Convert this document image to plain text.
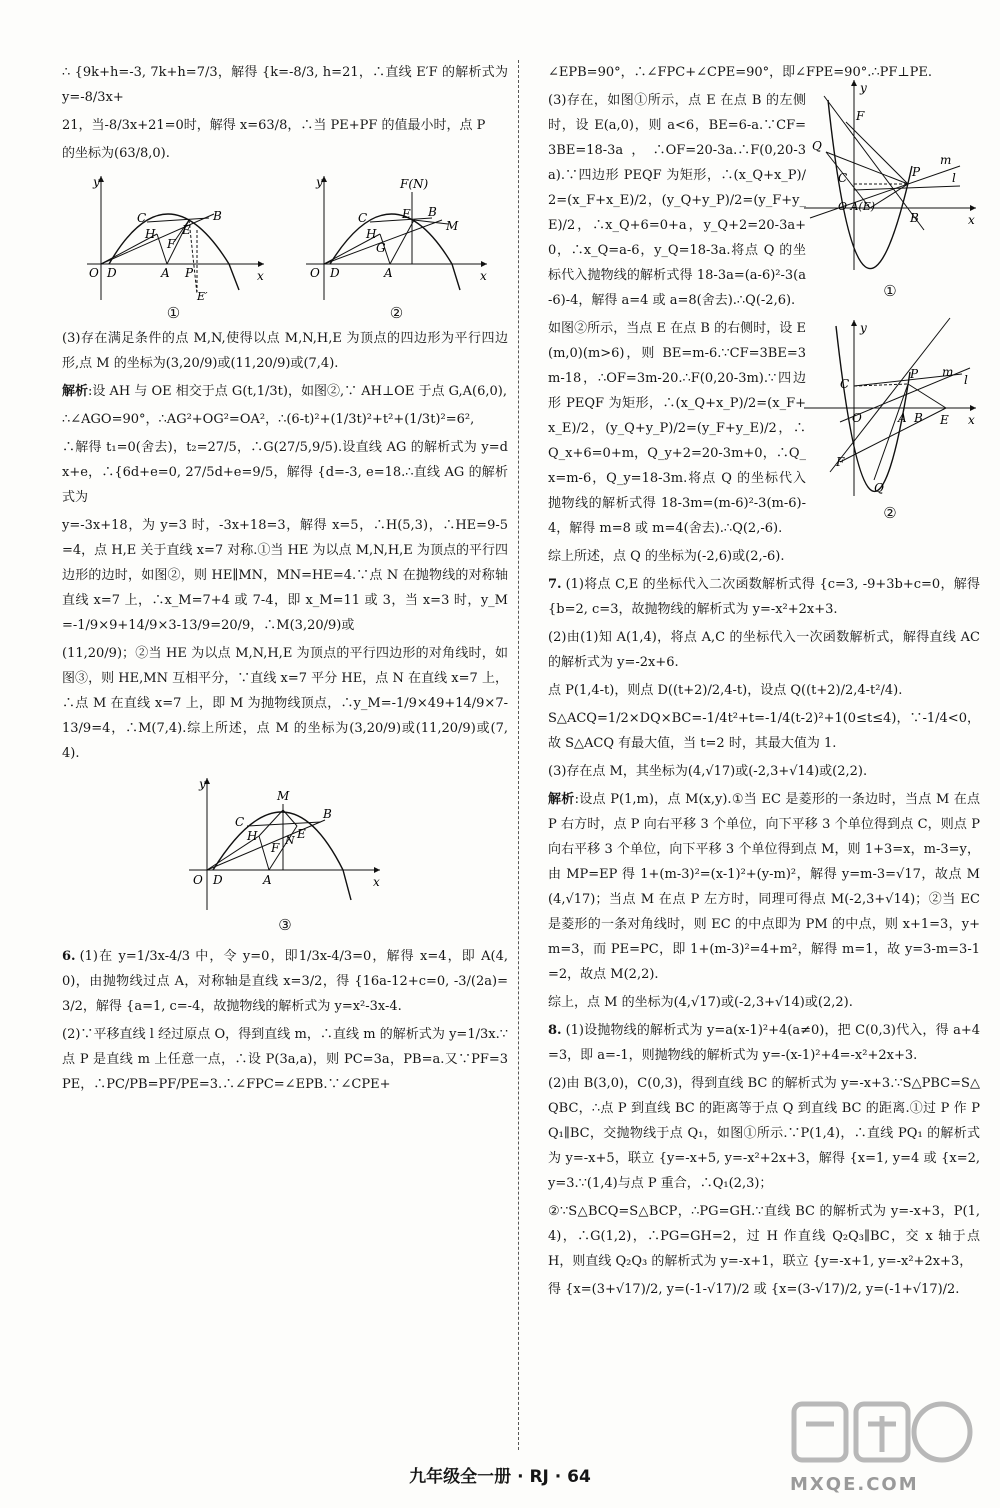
∴ {9k+h=-3, 7k+h=7/3，解得 {k=-8/3, h=21，∴直线 E′F 的解析式为 y=-8/3x+

21，当-8/3x+21=0时，解得 x=63/8，∴当 PE+PF 的值最小时，点 P

的坐标为(63/8,0).

y
x
O D	A P
E′
C
H
F
E
B
①
y
x
O D	A
C
H
G
E B
M
F(N)
②

(3)存在满足条件的点 M,N,使得以点 M,N,H,E 为顶点的四边形为平行四边形,点 M 的坐标为(3,20/9)或(11,20/9)或(7,4).

解析:设 AH 与 OE 相交于点 G(t,1/3t)，如图②,∵ AH⊥OE 于点 G,A(6,0),

∴∠AGO=90°，∴AG²+OG²=OA²，∴(6-t)²+(1/3t)²+t²+(1/3t)²=6²,

∴解得 t₁=0(舍去)，t₂=27/5，∴G(27/5,9/5).设直线 AG 的解析式为 y=dx+e，∴{6d+e=0, 27/5d+e=9/5，解得 {d=-3, e=18.∴直线 AG 的解析式为

y=-3x+18，为 y=3 时，-3x+18=3，解得 x=5，∴H(5,3)，∴HE=9-5=4，点 H,E 关于直线 x=7 对称.①当 HE 为以点 M,N,H,E 为顶点的平行四边形的边时，如图②，则 HE∥MN，MN=HE=4.∵点 N 在抛物线的对称轴直线 x=7 上，∴x_M=7+4 或 7-4，即 x_M=11 或 3，当 x=3 时，y_M=-1/9×9+14/9×3-13/9=20/9，∴M(3,20/9)或

(11,20/9)；②当 HE 为以点 M,N,H,E 为顶点的平行四边形的对角线时，如图③，则 HE,MN 互相平分，∵直线 x=7 平分 HE，点 N 在直线 x=7 上，∴点 M 在直线 x=7 上，即 M 为抛物线顶点，∴y_M=-1/9×49+14/9×7-13/9=4，∴M(7,4).综上所述，点 M 的坐标为(3,20/9)或(11,20/9)或(7,4).

y
x
O D	A
C
H
M
F
E
B
N
③

6. (1)在 y=1/3x-4/3 中，令 y=0，即1/3x-4/3=0，解得 x=4，即 A(4,0)，由抛物线过点 A，对称轴是直线 x=3/2，得 {16a-12+c=0, -3/(2a)=3/2，解得 {a=1, c=-4，故抛物线的解析式为 y=x²-3x-4.

(2)∵平移直线 l 经过原点 O，得到直线 m，∴直线 m 的解析式为 y=1/3x.∵点 P 是直线 m 上任意一点，∴设 P(3a,a)，则 PC=3a，PB=a.又∵PF=3PE，∴PC/PB=PF/PE=3.∴∠FPC=∠EPB.∵∠CPE+

∠EPB=90°，∴∠FPC+∠CPE=90°，即∠FPE=90°.∴PF⊥PE.

(3)存在，如图①所示，点 E 在点 B 的左侧时，设 E(a,0)，则 a<6，BE=6-a.∵CF=3BE=18-3a，∴OF=20-3a.∴F(0,20-3a).∵四边形 PEQF 为矩形，∴(x_Q+x_P)/2=(x_F+x_E)/2，(y_Q+y_P)/2=(y_F+y_E)/2，∴x_Q+6=0+a，y_Q+2=20-3a+0，∴x_Q=a-6，y_Q=18-3a.将点 Q 的坐标代入抛物线的解析式得 18-3a=(a-6)²-3(a-6)-4，解得 a=4 或 a=8(舍去).∴Q(-2,6).

如图②所示，当点 E 在点 B 的右侧时，设 E(m,0)(m>6)，则 BE=m-6.∵CF=3BE=3m-18，∴OF=3m-20.∴F(0,20-3m).∵四边形 PEQF 为矩形，∴(x_Q+x_P)/2=(x_F+x_E)/2，(y_Q+y_P)/2=(y_F+y_E)/2，∴Q_x+6=0+m，Q_y+2=20-3m+0，∴Q_x=m-6，Q_y=18-3m.将点 Q 的坐标代入抛物线的解析式得 18-3m=(m-6)²-3(m-6)-4，解得 m=8 或 m=4(舍去).∴Q(2,-6).

综上所述，点 Q 的坐标为(-2,6)或(2,-6).

7. (1)将点 C,E 的坐标代入二次函数解析式得 {c=3, -9+3b+c=0，解得 {b=2, c=3，故抛物线的解析式为 y=-x²+2x+3.

(2)由(1)知 A(1,4)，将点 A,C 的坐标代入一次函数解析式，解得直线 AC 的解析式为 y=-2x+6.

点 P(1,4-t)，则点 D((t+2)/2,4-t)，设点 Q((t+2)/2,4-t²/4).

S△ACQ=1/2×DQ×BC=-1/4t²+t=-1/4(t-2)²+1(0≤t≤4)，∵-1/4<0，故 S△ACQ 有最大值，当 t=2 时，其最大值为 1.

(3)存在点 M，其坐标为(4,√17)或(-2,3+√14)或(2,2).

解析:设点 P(1,m)，点 M(x,y).①当 EC 是菱形的一条边时，当点 M 在点 P 右方时，点 P 向右平移 3 个单位，向下平移 3 个单位得到点 C，则点 P 向右平移 3 个单位，向下平移 3 个单位得到点 M，则 1+3=x，m-3=y，由 MP=EP 得 1+(m-3)²=(x-1)²+(y-m)²，解得 y=m-3=√17，故点 M(4,√17)；当点 M 在点 P 左方时，同理可得点 M(-2,3+√14)；②当 EC 是菱形的一条对角线时，则 EC 的中点即为 PM 的中点，则 x+1=3，y+m=3，而 PE=PC，即 1+(m-3)²=4+m²，解得 m=1，故 y=3-m=3-1=2，故点 M(2,2).

综上，点 M 的坐标为(4,√17)或(-2,3+√14)或(2,2).

8. (1)设抛物线的解析式为 y=a(x-1)²+4(a≠0)，把 C(0,3)代入，得 a+4=3，即 a=-1，则抛物线的解析式为 y=-(x-1)²+4=-x²+2x+3.

(2)由 B(3,0)，C(0,3)，得到直线 BC 的解析式为 y=-x+3.∵S△PBC=S△QBC，∴点 P 到直线 BC 的距离等于点 Q 到直线 BC 的距离.①过 P 作 PQ₁∥BC，交抛物线于点 Q₁，如图①所示.∵P(1,4)，∴直线 PQ₁ 的解析式为 y=-x+5，联立 {y=-x+5, y=-x²+2x+3，解得 {x=1, y=4 或 {x=2, y=3.∵(1,4)与点 P 重合，∴Q₁(2,3)；

②∵S△BCQ=S△BCP，∴PG=GH.∵直线 BC 的解析式为 y=-x+3，P(1,4)，∴G(1,2)，∴PG=GH=2，过 H 作直线 Q₂Q₃∥BC，交 x 轴于点 H，则直线 Q₂Q₃ 的解析式为 y=-x+1，联立 {y=-x+1, y=-x²+2x+3，

得 {x=(3+√17)/2, y=(-1-√17)/2 或 {x=(3-√17)/2, y=(-1+√17)/2.

y
x
F
Q
C	P
m
l
O A(E)
B
①
y
x
C
P m
l
O	A B E
F
Q
②
MXQE.COM
九年级全一册 · RJ · 64
